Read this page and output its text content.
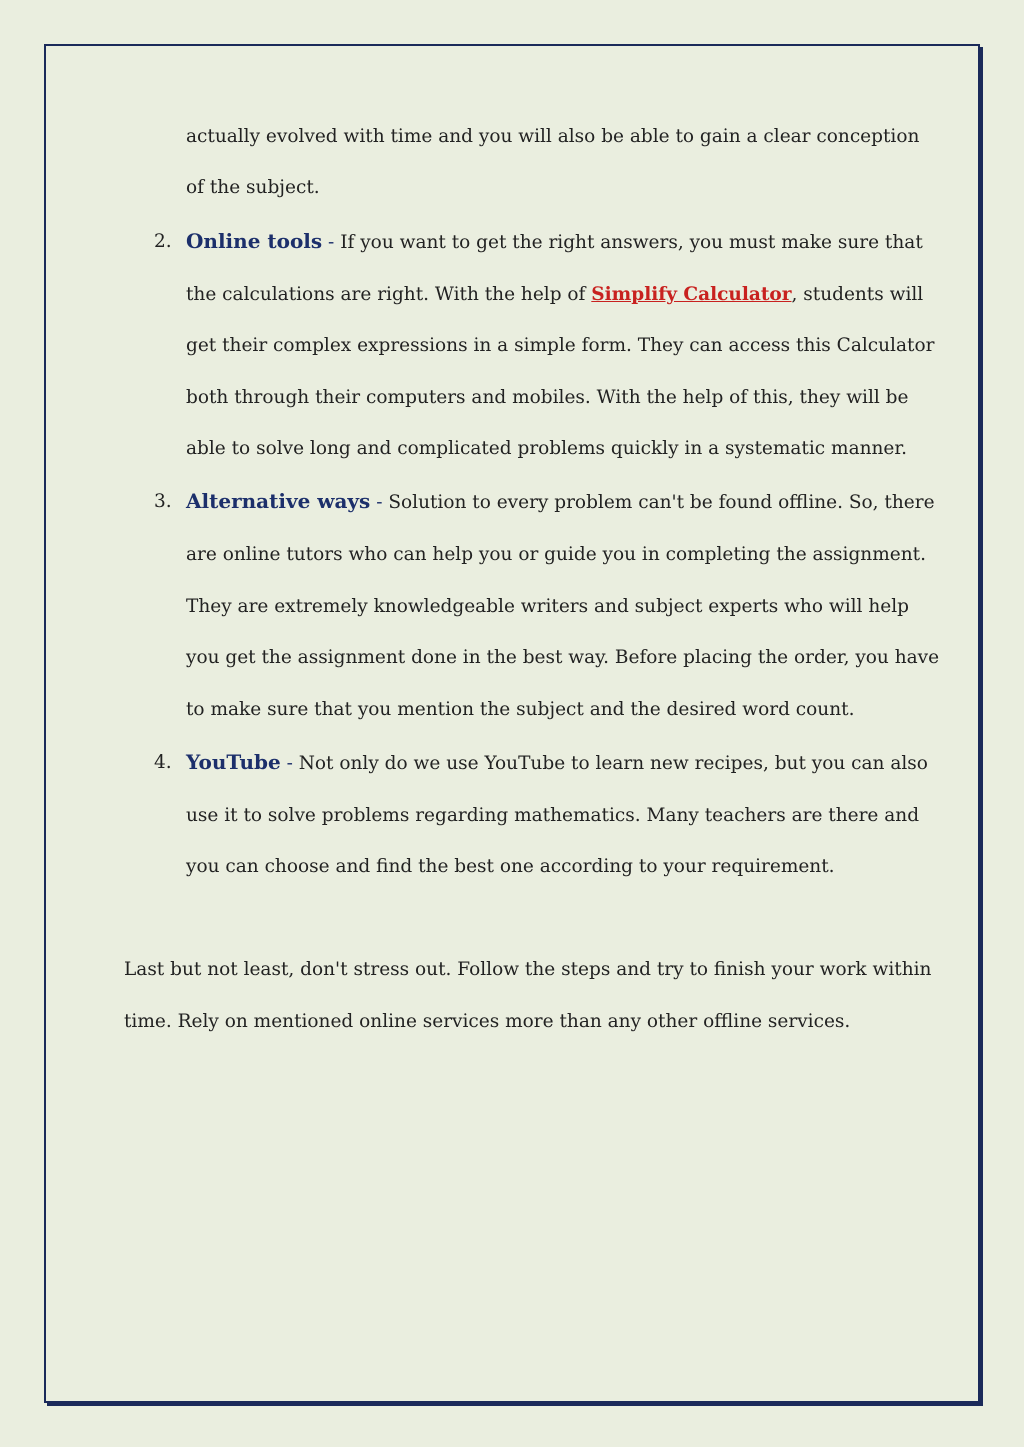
actually evolved with time and you will also be able to gain a clear conception
of the subject.
2. Online tools - If you want to get the right answers, you must make sure that
the calculations are right. With the help of Simplify Calculator, students will
get their complex expressions in a simple form. They can access this Calculator
both through their computers and mobiles. With the help of this, they will be
able to solve long and complicated problems quickly in a systematic manner.
3. Alternative ways - Solution to every problem can't be found offline. So, there
are online tutors who can help you or guide you in completing the assignment.
They are extremely knowledgeable writers and subject experts who will help
you get the assignment done in the best way. Before placing the order, you have
to make sure that you mention the subject and the desired word count.
4. YouTube - Not only do we use YouTube to learn new recipes, but you can also
use it to solve problems regarding mathematics. Many teachers are there and
you can choose and find the best one according to your requirement.
Last but not least, don't stress out. Follow the steps and try to finish your work within
time. Rely on mentioned online services more than any other offline services.
